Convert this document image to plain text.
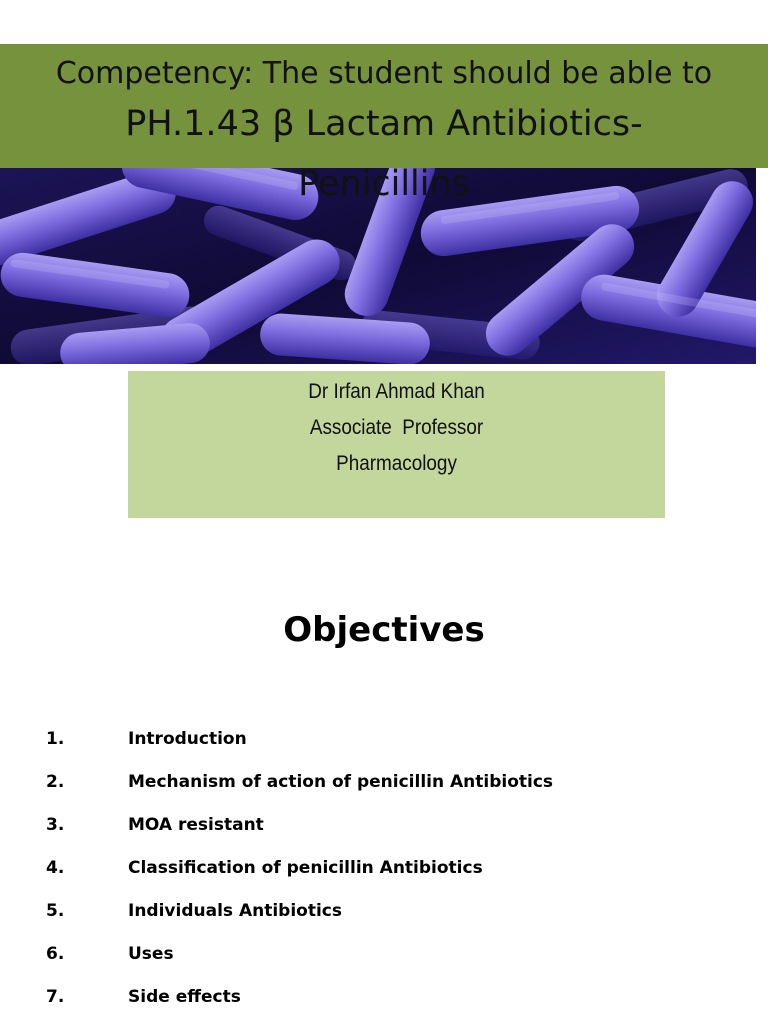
Competency: The student should be able to
PH.1.43 β Lactam Antibiotics- Penicillins
Dr Irfan Ahmad Khan
Associate  Professor
Pharmacology
Objectives
1.	Introduction
2.	Mechanism of action of penicillin Antibiotics
3.	MOA resistant
4.	Classification of penicillin Antibiotics
5.	Individuals Antibiotics
6.	Uses
7.	Side effects
